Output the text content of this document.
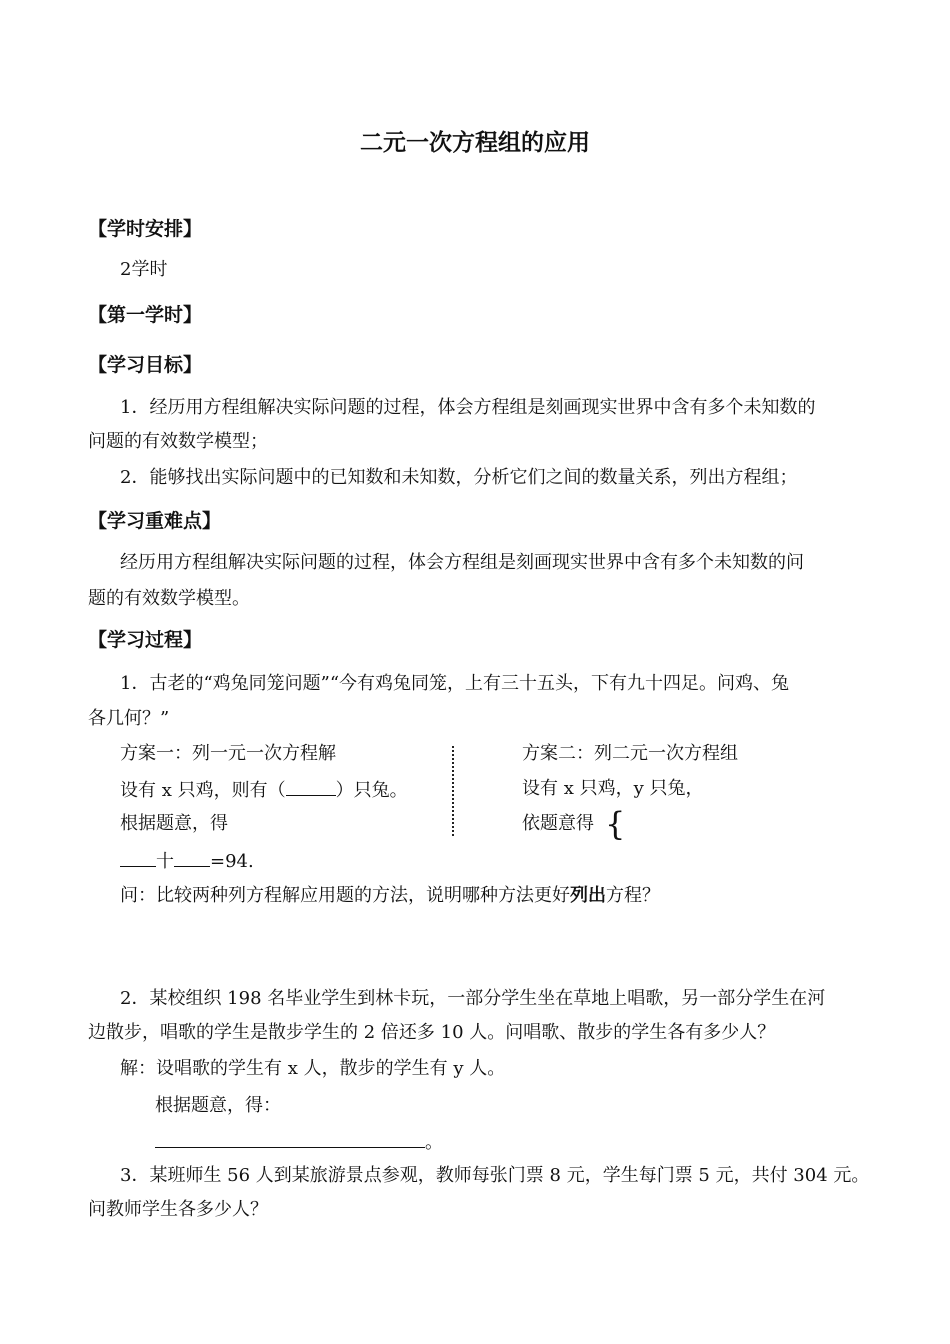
二元一次方程组的应用
【学时安排】
2学时
【第一学时】
【学习目标】
1．经历用方程组解决实际问题的过程，体会方程组是刻画现实世界中含有多个未知数的
问题的有效数学模型；
2．能够找出实际问题中的已知数和未知数，分析它们之间的数量关系，列出方程组；
【学习重难点】
经历用方程组解决实际问题的过程，体会方程组是刻画现实世界中含有多个未知数的问
题的有效数学模型。
【学习过程】
1．古老的“鸡兔同笼问题”“今有鸡兔同笼，上有三十五头，下有九十四足。问鸡、兔
各几何？”
方案一：列一元一次方程解
设有 x 只鸡，则有（	）只兔。
根据题意，得
十 =94.
方案二：列二元一次方程组
设有 x 只鸡，y 只兔，
依题意得 {
问：比较两种列方程解应用题的方法，说明哪种方法更好列出方程？
2．某校组织 198 名毕业学生到林卡玩，一部分学生坐在草地上唱歌，另一部分学生在河
边散步，唱歌的学生是散步学生的 2 倍还多 10 人。问唱歌、散步的学生各有多少人？
解：设唱歌的学生有 x 人，散步的学生有 y 人。
根据题意，得：
。
3．某班师生 56 人到某旅游景点参观，教师每张门票 8 元，学生每门票 5 元，共付 304 元。
问教师学生各多少人？
